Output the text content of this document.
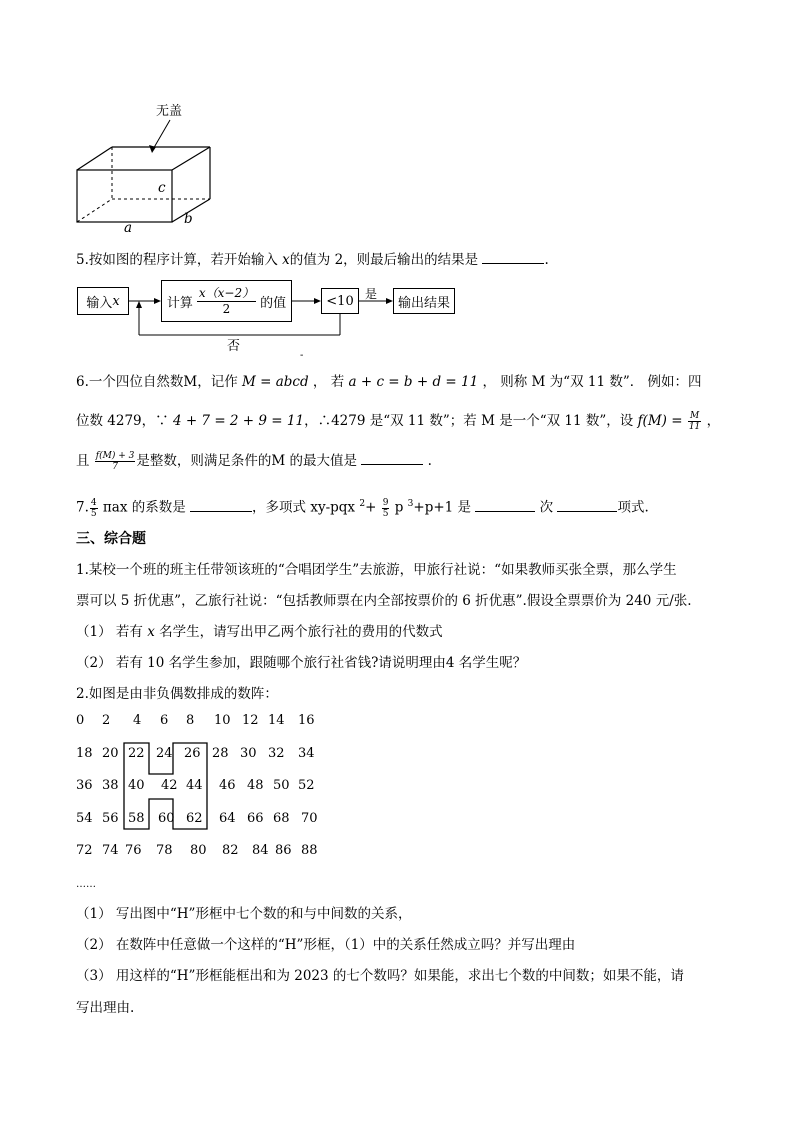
无盖
c
b
a
5.按如图的程序计算，若开始输入 x的值为 2，则最后输出的结果是	.
输入 x	计算 $\frac{x(x-2)}{2}$ 的值	<10	输出结果
是
否
-
6.一个四位自然数M，记作 M = abcd ， 若 a + c = b + d = 11 ， 则称 M 为“双 11 数”． 例如：四
位数 4279，∵ 4 + 7 = 2 + 9 = 11，∴4279 是“双 11 数”；若 M 是一个“双 11 数”，设 $f(M) = \frac{M}{11}$ ，
且 $\frac{f(M) + 3}{7}$ 是整数，则满足条件的M 的最大值是	.
7. $\frac{4}{5}$ πax 的系数是	，多项式 xy-pqx $^2+ \frac{9}{5}$ p $^3$+p+1 是	次	项式.
三、综合题
1.某校一个班的班主任带领该班的“合唱团学生”去旅游，甲旅行社说：“如果教师买张全票，那么学生
票可以 5 折优惠”，乙旅行社说：“包括教师票在内全部按票价的 6 折优惠”.假设全票票价为 240 元/张.
（1） 若有 x 名学生，请写出甲乙两个旅行社的费用的代数式
（2） 若有 10 名学生参加，跟随哪个旅行社省钱?请说明理由4 名学生呢？
2.如图是由非负偶数排成的数阵：
0 2 4 6 8 10 12 14 16
18 20 22 24 26 28 30 32 34
36 38 40 42 44 46 48 50 52
54 56 58 60 62 64 66 68 70
72 74 76 78 80 82 84 86 88
……
（1） 写出图中“H”形框中七个数的和与中间数的关系，
（2） 在数阵中任意做一个这样的“H”形框，（1）中的关系任然成立吗？并写出理由
（3） 用这样的“H”形框能框出和为 2023 的七个数吗？如果能，求出七个数的中间数；如果不能，请
写出理由.
